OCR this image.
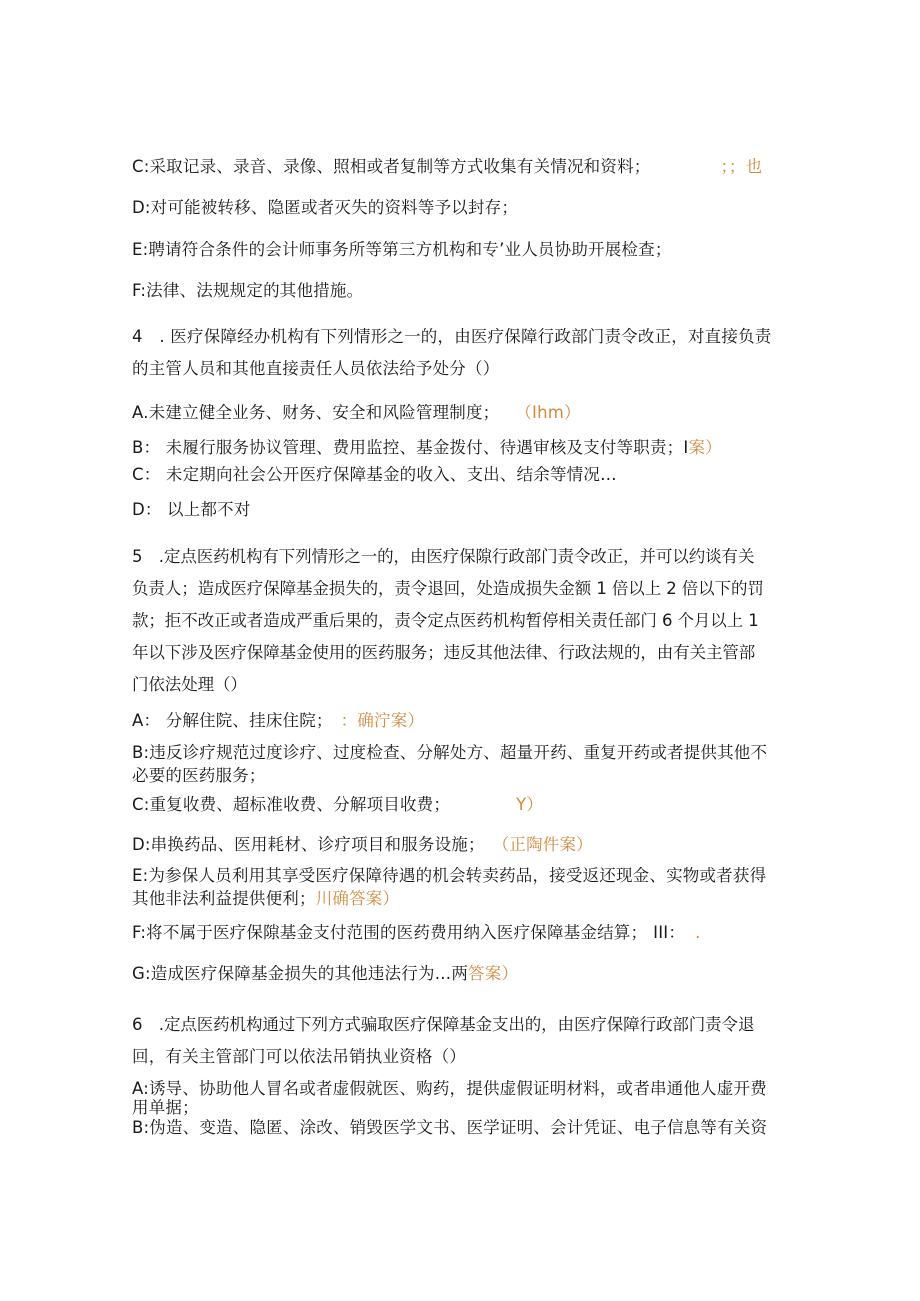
C:采取记录、录音、录像、照相或者复制等方式收集有关情况和资料；	；；也
D:对可能被转移、隐匿或者灭失的资料等予以封存；
E:聘请符合条件的会计师事务所等第三方机构和专’业人员协助开展检查；
F:法律、法规规定的其他措施。
4　. 医疗保障经办机构有下列情形之一的，由医疗保障行政部门责令改正，对直接负责
的主管人员和其他直接责任人员依法给予处分（）
A.未建立健全业务、财务、安全和风险管理制度； （Ihm）
B： 未履行服务协议管理、费用监控、基金拨付、待遇审核及支付等职责；I案）
C： 未定期向社会公开医疗保障基金的收入、支出、结余等情况…
D： 以上都不对
5　.定点医药机构有下列情形之一的，由医疗保隙行政部门责令改正，并可以约谈有关
负责人；造成医疗保障基金损失的，责令退回，处造成损失金额 1 倍以上 2 倍以下的罚
款；拒不改正或者造成严重后果的，责令定点医药机构暂停相关责任部门 6 个月以上 1
年以下涉及医疗保障基金使用的医药服务；违反其他法律、行政法规的，由有关主管部
门依法处理（）
A： 分解住院、挂床住院； ：确泞案）
B:违反诊疗规范过度诊疗、过度检查、分解处方、超量开药、重复开药或者提供其他不
必要的医药服务；
C:重复收费、超标准收费、分解项目收费；	Y）
D:串换药品、医用耗材、诊疗项目和服务设施； （正陶件案）
E:为参保人员利用其享受医疗保障待遇的机会转卖药品，接受返还现金、实物或者获得
其他非法利益提供便利；川确答案）
F:将不属于医疗保隙基金支付范围的医药费用纳入医疗保障基金结算； III： .
G:造成医疗保障基金损失的其他违法行为…两答案）
6　.定点医药机构通过下列方式骗取医疗保障基金支出的，由医疗保障行政部门责令退
回，有关主管部门可以依法吊销执业资格（）
A:诱导、协助他人冒名或者虚假就医、购药，提供虚假证明材料，或者串通他人虚开费
用单据；
B:伪造、变造、隐匿、涂改、销毁医学文书、医学证明、会计凭证、电子信息等有关资
